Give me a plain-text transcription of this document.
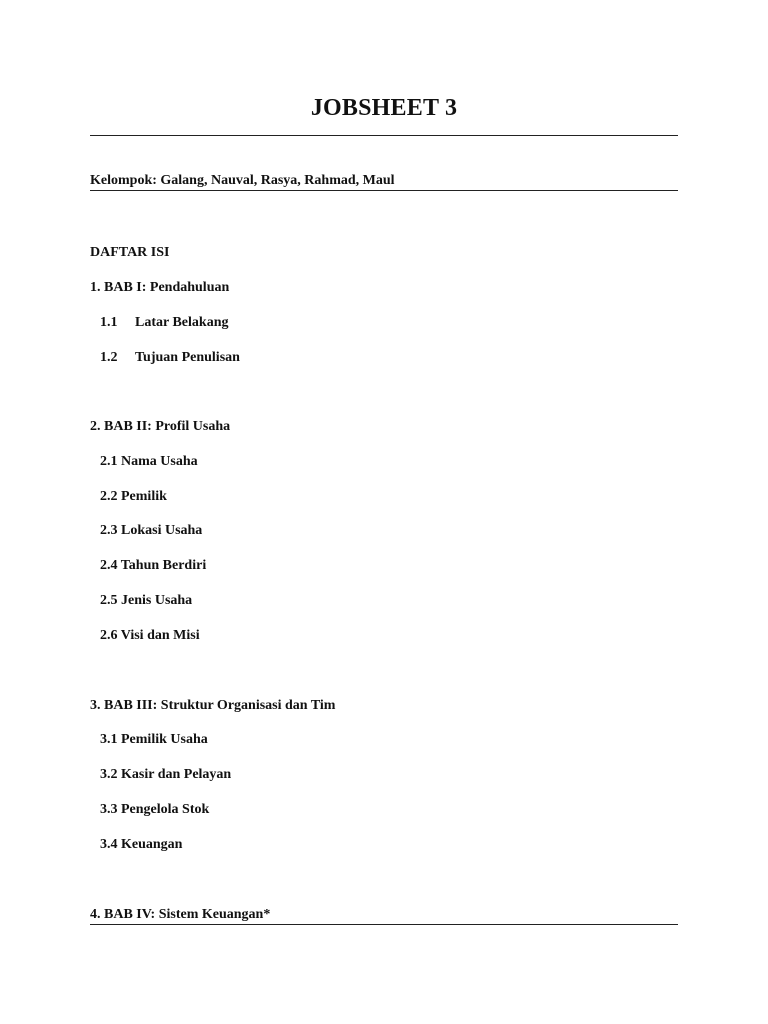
JOBSHEET 3
Kelompok: Galang, Nauval, Rasya, Rahmad, Maul
DAFTAR ISI
1. BAB I: Pendahuluan
1.1 Latar Belakang
1.2 Tujuan Penulisan
2. BAB II: Profil Usaha
2.1 Nama Usaha
2.2 Pemilik
2.3 Lokasi Usaha
2.4 Tahun Berdiri
2.5 Jenis Usaha
2.6 Visi dan Misi
3. BAB III: Struktur Organisasi dan Tim
3.1 Pemilik Usaha
3.2 Kasir dan Pelayan
3.3 Pengelola Stok
3.4 Keuangan
4. BAB IV: Sistem Keuangan*
